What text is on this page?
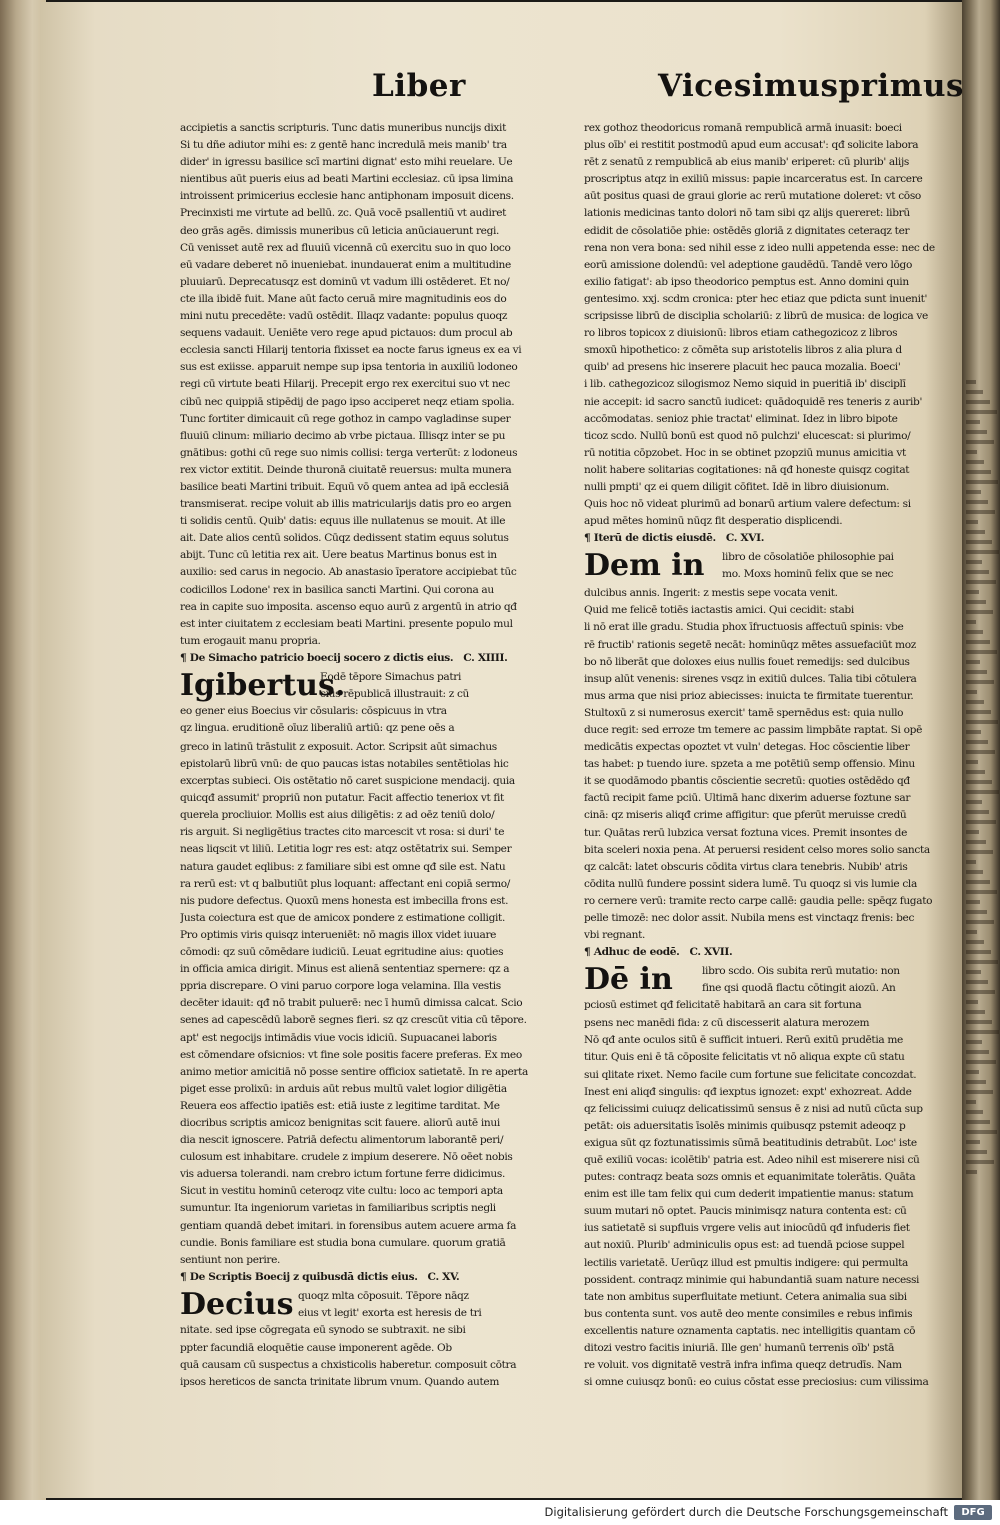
Liber	Vicesimusprimus
accipietis a sanctis scripturis. Tunc datis muneribus nuncijs dixit
Si tu dñe adiutor mihi es: z gentē hanc incredulā meis manib' tra
dider' in igressu basilice scī martini dignat' esto mihi reuelare. Ue
nientibus aūt pueris eius ad beati Martini ecclesiaz. cū ipsa limina
introissent primicerius ecclesie hanc antiphonam imposuit dicens.
Precinxisti me virtute ad bellū. zc. Quā vocē psallentiū vt audiret
deo grās agēs. dimissis muneribus cū leticia anūciauerunt regi.
Cū venisset autē rex ad fluuiū vicennā cū exercitu suo in quo loco
eū vadare deberet nō inueniebat. inundauerat enim a multitudine
pluuiarū. Deprecatusqz est dominū vt vadum illi ostēderet. Et no/
cte illa ibidē fuit. Mane aūt facto ceruā mire magnitudinis eos do
mini nutu precedēte: vadū ostēdit. Illaqz vadante: populus quoqz
sequens vadauit. Ueniēte vero rege apud pictauos: dum procul ab
ecclesia sancti Hilarij tentoria fixisset ea nocte farus igneus ex ea vi
sus est exiisse. apparuit nempe sup ipsa tentoria in auxiliū lodoneo
regi cū virtute beati Hilarij. Precepit ergo rex exercitui suo vt nec
cibū nec quippiā stipēdij de pago ipso acciperet neqz etiam spolia.
Tunc fortiter dimicauit cū rege gothoz in campo vagladinse super
fluuiū clinum: miliario decimo ab vrbe pictaua. Illisqz inter se pu
gnātibus: gothi cū rege suo nimis collisi: terga verterūt: z lodoneus
rex victor extitit. Deinde thuronā ciuitatē reuersus: multa munera
basilice beati Martini tribuit. Equū vō quem antea ad ipā ecclesiā
transmiserat. recipe voluit ab illis matricularijs datis pro eo argen
ti solidis centū. Quib' datis: equus ille nullatenus se mouit. At ille
ait. Date alios centū solidos. Cūqz dedissent statim equus solutus
abijt. Tunc cū letitia rex ait. Uere beatus Martinus bonus est in
auxilio: sed carus in negocio. Ab anastasio īperatore accipiebat tūc
codicillos Lodone' rex in basilica sancti Martini. Qui corona au
rea in capite suo imposita. ascenso equo aurū z argentū in atrio qđ
est inter ciuitatem z ecclesiam beati Martini. presente populo mul
tum erogauit manu propria.
¶ De Simacho patricio boecij socero z dictis eius. C. XIIII.
Igibertus.
Eodē tēpore Simachus patri
cius rēpublicā illustrauit: z cū
eo gener eius Boecius vir cōsularis: cōspicuus in vtra
qz lingua. eruditionē oīuz liberaliū artiū: qz pene oēs a
greco in latinū trāstulit z exposuit. Actor. Scripsit aūt simachus
epistolarū librū vnū: de quo paucas istas notabiles sentētiolas hic
excerptas subieci. Ois ostētatio nō caret suspicione mendacij. quia
quicqđ assumit' propriū non putatur. Facit affectio teneriox vt fit
querela procliuior. Mollis est aius diligētis: z ad oēz teniū dolo/
ris arguit. Si negligētius tractes cito marcescit vt rosa: si duri' te
neas liqscit vt liliū. Letitia logr res est: atqz ostētatrix sui. Semper
natura gaudet eqlibus: z familiare sibi est omne qđ sile est. Natu
ra rerū est: vt q balbutiūt plus loquant: affectant eni copiā sermo/
nis pudore defectus. Quoxū mens honesta est imbecilla frons est.
Justa coiectura est que de amicox pondere z estimatione colligit.
Pro optimis viris quisqz interueniēt: nō magis illox videt iuuare
cōmodi: qz suū cōmēdare iudiciū. Leuat egritudine aius: quoties
in officia amica dirigit. Minus est alienā sententiaz spernere: qz a
ppria discrepare. O vini paruo corpore loga velamina. Illa vestis
decēter idauit: qđ nō trabit puluerē: nec ī humū dimissa calcat. Scio
senes ad capescēdū laborē segnes fieri. sz qz crescūt vitia cū tēpore.
apt' est negocijs intimādis viue vocis idiciū. Supuacanei laboris
est cōmendare ofsicnios: vt fine sole positis facere preferas. Ex meo
animo metior amicitiā nō posse sentire officiox satietatē. In re aperta
piget esse prolixū: in arduis aūt rebus multū valet logior diligētia
Reuera eos affectio ipatiēs est: etiā iuste z legitime tarditat. Me
diocribus scriptis amicoz benignitas scit fauere. aliorū autē inui
dia nescit ignoscere. Patriā defectu alimentorum laborantē peri/
culosum est inhabitare. crudele z impium deserere. Nō oēet nobis
vis aduersa tolerandi. nam crebro ictum fortune ferre didicimus.
Sicut in vestitu hominū ceteroqz vite cultu: loco ac tempori apta
sumuntur. Ita ingeniorum varietas in familiaribus scriptis negli
gentiam quandā debet imitari. in forensibus autem acuere arma fa
cundie. Bonis familiare est studia bona cumulare. quorum gratiā
sentiunt non perire.
¶ De Scriptis Boecij z quibusdā dictis eius. C. XV.
Decius quoqz mlta cōposuit. Tēpore nāqz
eius vt legit' exorta est heresis de tri
nitate. sed ipse cōgregata eū synodo se subtraxit. ne sibi
ppter facundiā eloquētie cause imponerent agēde. Ob
quā causam cū suspectus a chxisticolis haberetur. composuit cōtra
ipsos hereticos de sancta trinitate librum vnum. Quando autem
rex gothoz theodoricus romanā rempublicā armā inuasit: boeci
plus oīb' ei restitit postmodū apud eum accusat': qđ solicite labora
rēt z senatū z rempublicā ab eius manib' eriperet: cū plurib' alijs
proscriptus atqz in exiliū missus: papie incarceratus est. In carcere
aūt positus quasi de graui glorie ac rerū mutatione doleret: vt cōso
lationis medicinas tanto dolori nō tam sibi qz alijs quereret: librū
edidit de cōsolatiōe phie: ostēdēs gloriā z dignitates ceteraqz ter
rena non vera bona: sed nihil esse z ideo nulli appetenda esse: nec de
eorū amissione dolendū: vel adeptione gaudēdū. Tandē vero lōgo
exilio fatigat': ab ipso theodorico pemptus est. Anno domini quin
gentesimo. xxj. scdm cronica: pter hec etiaz que pdicta sunt inuenit'
scripsisse librū de disciplia scholariū: z librū de musica: de logica ve
ro libros topicox z diuisionū: libros etiam cathegozicoz z libros
smoxū hipothetico: z cōmēta sup aristotelis libros z alia plura d
quib' ad presens hic inserere placuit hec pauca mozalia. Boeci'
i lib. cathegozicoz silogismoz Nemo siquid in pueritiā ib' disciplī
nie accepit: id sacro sanctū iudicet: quādoquidē res teneris z aurib'
accōmodatas. senioz phie tractat' eliminat. Idez in libro bipote
ticoz scdo. Nullū bonū est quod nō pulchzi' elucescat: si plurimo/
rū notitia cōpzobet. Hoc in se obtinet pzopziū munus amicitia vt
nolit habere solitarias cogitationes: nā qđ honeste quisqz cogitat
nulli pmpti' qz ei quem diligit cōfitet. Idē in libro diuisionum.
Quis hoc nō videat plurimū ad bonarū artium valere defectum: si
apud mētes hominū nūqz fit desperatio displicendi.
¶ Iterū de dictis eiusdē. C. XVI.
Dem in libro de cōsolatiōe philosophie pai
mo. Moxs hominū felix que se nec
dulcibus annis. Ingerit: z mestis sepe vocata venit.
Quid me felicē totiēs iactastis amici. Qui cecidit: stabi
li nō erat ille gradu. Studia phox īfructuosis affectuū spinis: vbe
rē fructib' rationis segetē necāt: hominūqz mētes assuefaciūt moz
bo nō liberāt que doloxes eius nullis fouet remedijs: sed dulcibus
insup alūt venenis: sirenes vsqz in exitiū dulces. Talia tibi cōtulera
mus arma que nisi prioz abiecisses: inuicta te firmitate tuerentur.
Stultoxū z si numerosus exercit' tamē spernēdus est: quia nullo
duce regit: sed erroze tm temere ac passim limpbāte raptat. Si opē
medicātis expectas opoztet vt vuln' detegas. Hoc cōscientie liber
tas habet: p tuendo iure. spzeta a me potētiū semp offensio. Minu
it se quodāmodo pbantis cōscientie secretū: quoties ostēdēdo qđ
factū recipit fame pciū. Ultimā hanc dixerim aduerse foztune sar
cinā: qz miseris aliqđ crime affigitur: que pferūt meruisse credū
tur. Quātas rerū lubzica versat foztuna vices. Premit insontes de
bita sceleri noxia pena. At peruersi resident celso mores solio sancta
qz calcāt: latet obscuris cōdita virtus clara tenebris. Nubib' atris
cōdita nullū fundere possint sidera lumē. Tu quoqz si vis lumie cla
ro cernere verū: tramite recto carpe callē: gaudia pelle: spēqz fugato
pelle timozē: nec dolor assit. Nubila mens est vinctaqz frenis: bec
vbi regnant.
¶ Adhuc de eodē. C. XVII.
Dē in	libro scdo. Ois subita rerū mutatio: non
fine qsi quodā flactu cōtingit aiozū. An
pciosū estimet qđ felicitatē habitarā an cara sit fortuna
psens nec manēdi fida: z cū discesserit alatura merozem
Nō qđ ante oculos sitū ē sufficit intueri. Rerū exitū prudētia me
titur. Quis eni ē tā cōposite felicitatis vt nō aliqua expte cū statu
sui qlitate rixet. Nemo facile cum fortune sue felicitate concozdat.
Inest eni aliqđ singulis: qđ iexptus ignozet: expt' exhozreat. Adde
qz felicissimi cuiuqz delicatissimū sensus ē z nisi ad nutū cūcta sup
petāt: ois aduersitatis īsolēs minimis quibusqz pstemit adeoqz p
exigua sūt qz foztunatissimis sūmā beatitudinis detrabūt. Loc' iste
quē exiliū vocas: icolētib' patria est. Adeo nihil est miserere nisi cū
putes: contraqz beata sozs omnis et equanimitate tolerātis. Quāta
enim est ille tam felix qui cum dederit impatientie manus: statum
suum mutari nō optet. Paucis minimisqz natura contenta est: cū
ius satietatē si supfluis vrgere velis aut iniocūdū qđ infuderis fiet
aut noxiū. Plurib' adminiculis opus est: ad tuendā pciose suppel
lectilis varietatē. Uerūqz illud est pmultis indigere: qui permulta
possident. contraqz minimie qui habundantiā suam nature necessi
tate non ambitus superfluitate metiunt. Cetera animalia sua sibi
bus contenta sunt. vos autē deo mente consimiles e rebus infimis
excellentis nature oznamenta captatis. nec intelligitis quantam cō
ditozi vestro facitis iniuriā. Ille gen' humanū terrenis oīb' pstā
re voluit. vos dignitatē vestrā infra infima queqz detrudīs. Nam
si omne cuiusqz bonū: eo cuius cōstat esse preciosius: cum vilissima
Digitalisierung gefördert durch die Deutsche Forschungsgemeinschaft	DFG
